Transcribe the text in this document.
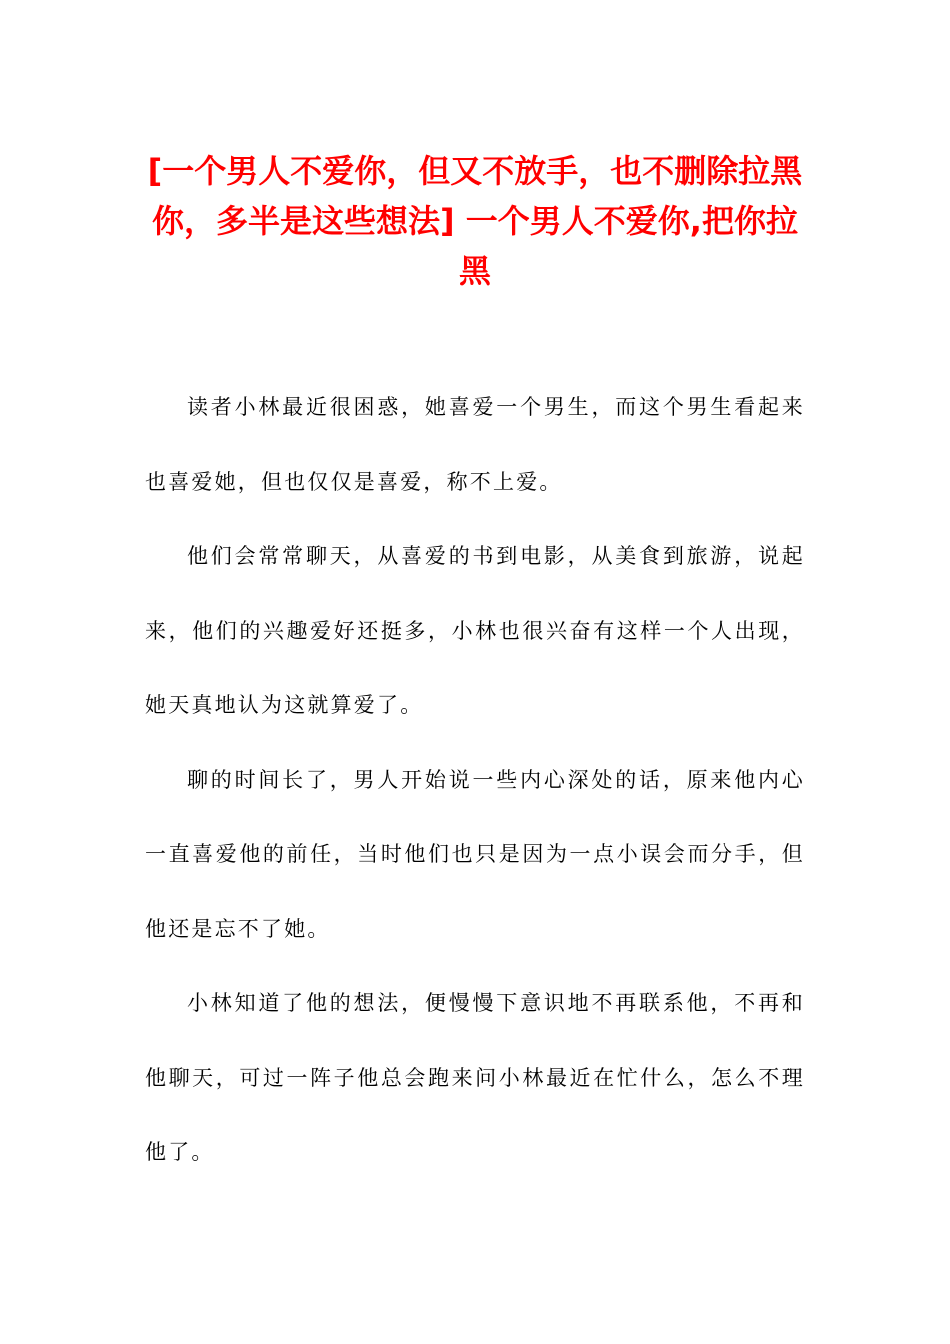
[一个男人不爱你，但又不放手，也不删除拉黑你，多半是这些想法] 一个男人不爱你,把你拉黑

读者小林最近很困惑，她喜爱一个男生，而这个男生看起来也喜爱她，但也仅仅是喜爱，称不上爱。

他们会常常聊天，从喜爱的书到电影，从美食到旅游，说起来，他们的兴趣爱好还挺多，小林也很兴奋有这样一个人出现，她天真地认为这就算爱了。

聊的时间长了，男人开始说一些内心深处的话，原来他内心一直喜爱他的前任，当时他们也只是因为一点小误会而分手，但他还是忘不了她。

小林知道了他的想法，便慢慢下意识地不再联系他，不再和他聊天，可过一阵子他总会跑来问小林最近在忙什么，怎么不理他了。
